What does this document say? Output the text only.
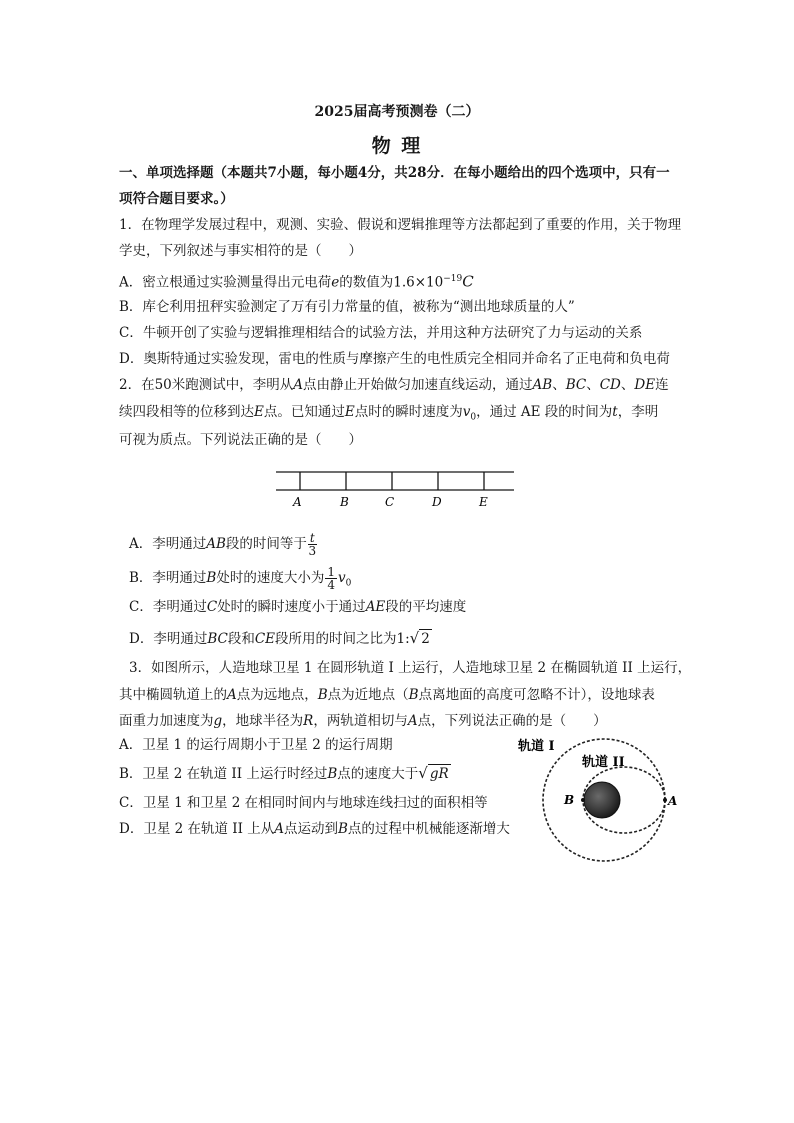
2025届高考预测卷（二）
物 理
一、单项选择题（本题共7小题，每小题4分，共28分．在每小题给出的四个选项中，只有一
项符合题目要求。）
1．在物理学发展过程中，观测、实验、假说和逻辑推理等方法都起到了重要的作用，关于物理
学史，下列叙述与事实相符的是（　　）
A．密立根通过实验测量得出元电荷e的数值为$1.6\times 10^{-19}C$
B．库仑利用扭秤实验测定了万有引力常量的值，被称为“测出地球质量的人”
C．牛顿开创了实验与逻辑推理相结合的试验方法，并用这种方法研究了力与运动的关系
D．奥斯特通过实验发现，雷电的性质与摩擦产生的电性质完全相同并命名了正电荷和负电荷
2．在50米跑测试中，李明从A点由静止开始做匀加速直线运动，通过AB、BC、CD、DE连
续四段相等的位移到达E点。已知通过E点时的瞬时速度为$v_0$，通过 AE 段的时间为t，李明
可视为质点。下列说法正确的是（　　）
A	B	C	D	E
A．李明通过AB段的时间等于 $\frac{t}{3}$
B．李明通过B处时的速度大小为 $\frac{1}{4} v_0$
C．李明通过C处时的瞬时速度小于通过AE段的平均速度
D．李明通过BC段和CE段所用的时间之比为1:√ 2
3．如图所示，人造地球卫星 1 在圆形轨道 I 上运行，人造地球卫星 2 在椭圆轨道 II 上运行，
其中椭圆轨道上的A点为远地点，B点为近地点（B点离地面的高度可忽略不计），设地球表
面重力加速度为g，地球半径为R，两轨道相切与A点，下列说法正确的是（　　）
A．卫星 1 的运行周期小于卫星 2 的运行周期
B．卫星 2 在轨道 II 上运行时经过B点的速度大于√ gR
C．卫星 1 和卫星 2 在相同时间内与地球连线扫过的面积相等
D．卫星 2 在轨道 II 上从A点运动到B点的过程中机械能逐渐增大
轨道 I
轨道 II
B	A
